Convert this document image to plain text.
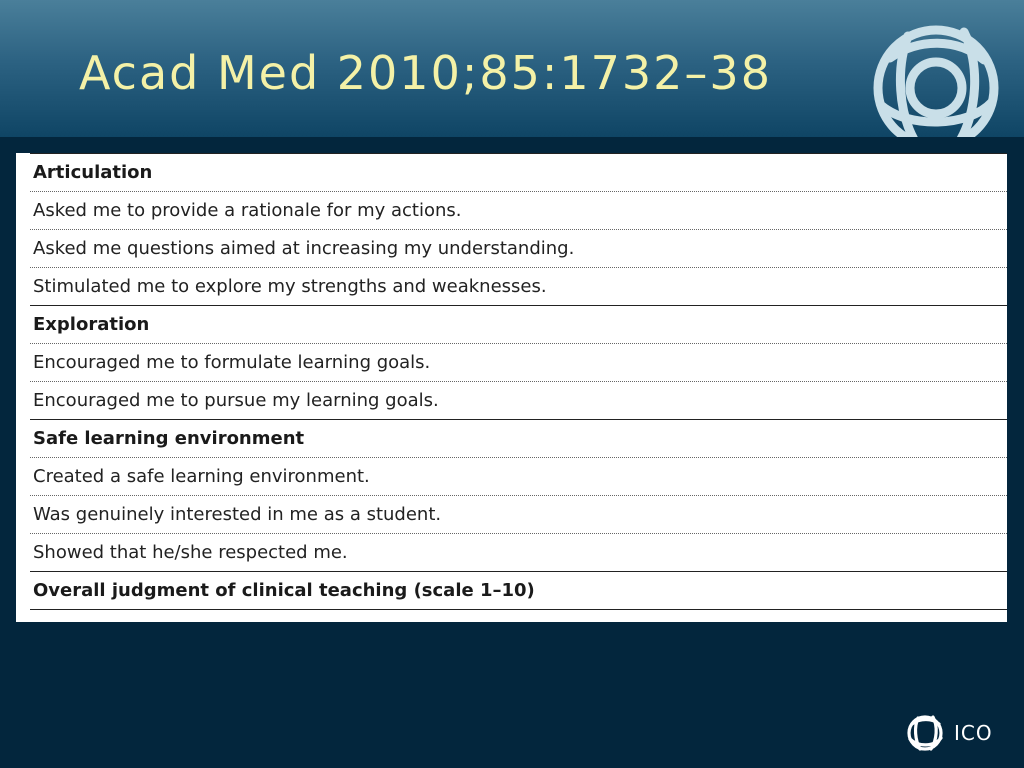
Acad Med 2010;85:1732–38
Articulation
Asked me to provide a rationale for my actions.
Asked me questions aimed at increasing my understanding.
Stimulated me to explore my strengths and weaknesses.
Exploration
Encouraged me to formulate learning goals.
Encouraged me to pursue my learning goals.
Safe learning environment
Created a safe learning environment.
Was genuinely interested in me as a student.
Showed that he/she respected me.
Overall judgment of clinical teaching (scale 1–10)
ICO
